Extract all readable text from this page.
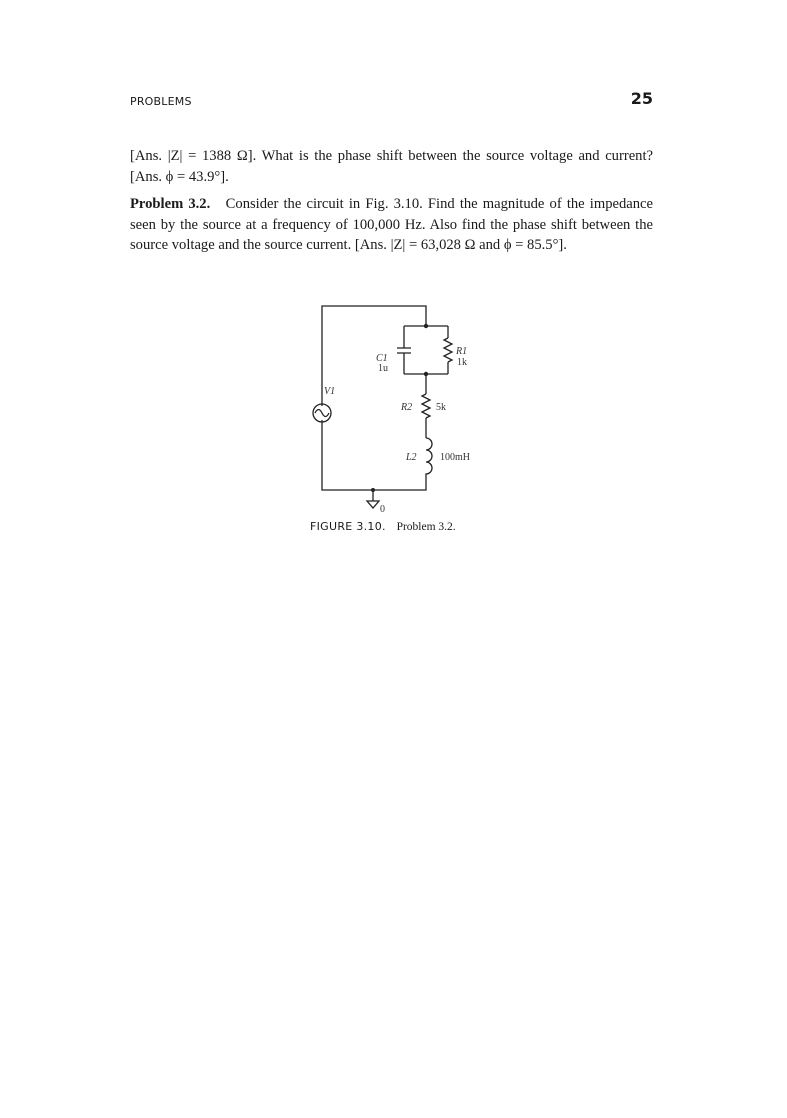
PROBLEMS	25

[Ans. |Z| = 1388 Ω]. What is the phase shift between the source voltage and current? [Ans. ϕ = 43.9°].

Problem 3.2. Consider the circuit in Fig. 3.10. Find the magnitude of the impedance seen by the source at a frequency of 100,000 Hz. Also find the phase shift between the source voltage and the source current. [Ans. |Z| = 63,028 Ω and ϕ = 85.5°].

V1
C1
1u
R1
1k
R2 5k
L2 100mH
0
FIGURE 3.10. Problem 3.2.
